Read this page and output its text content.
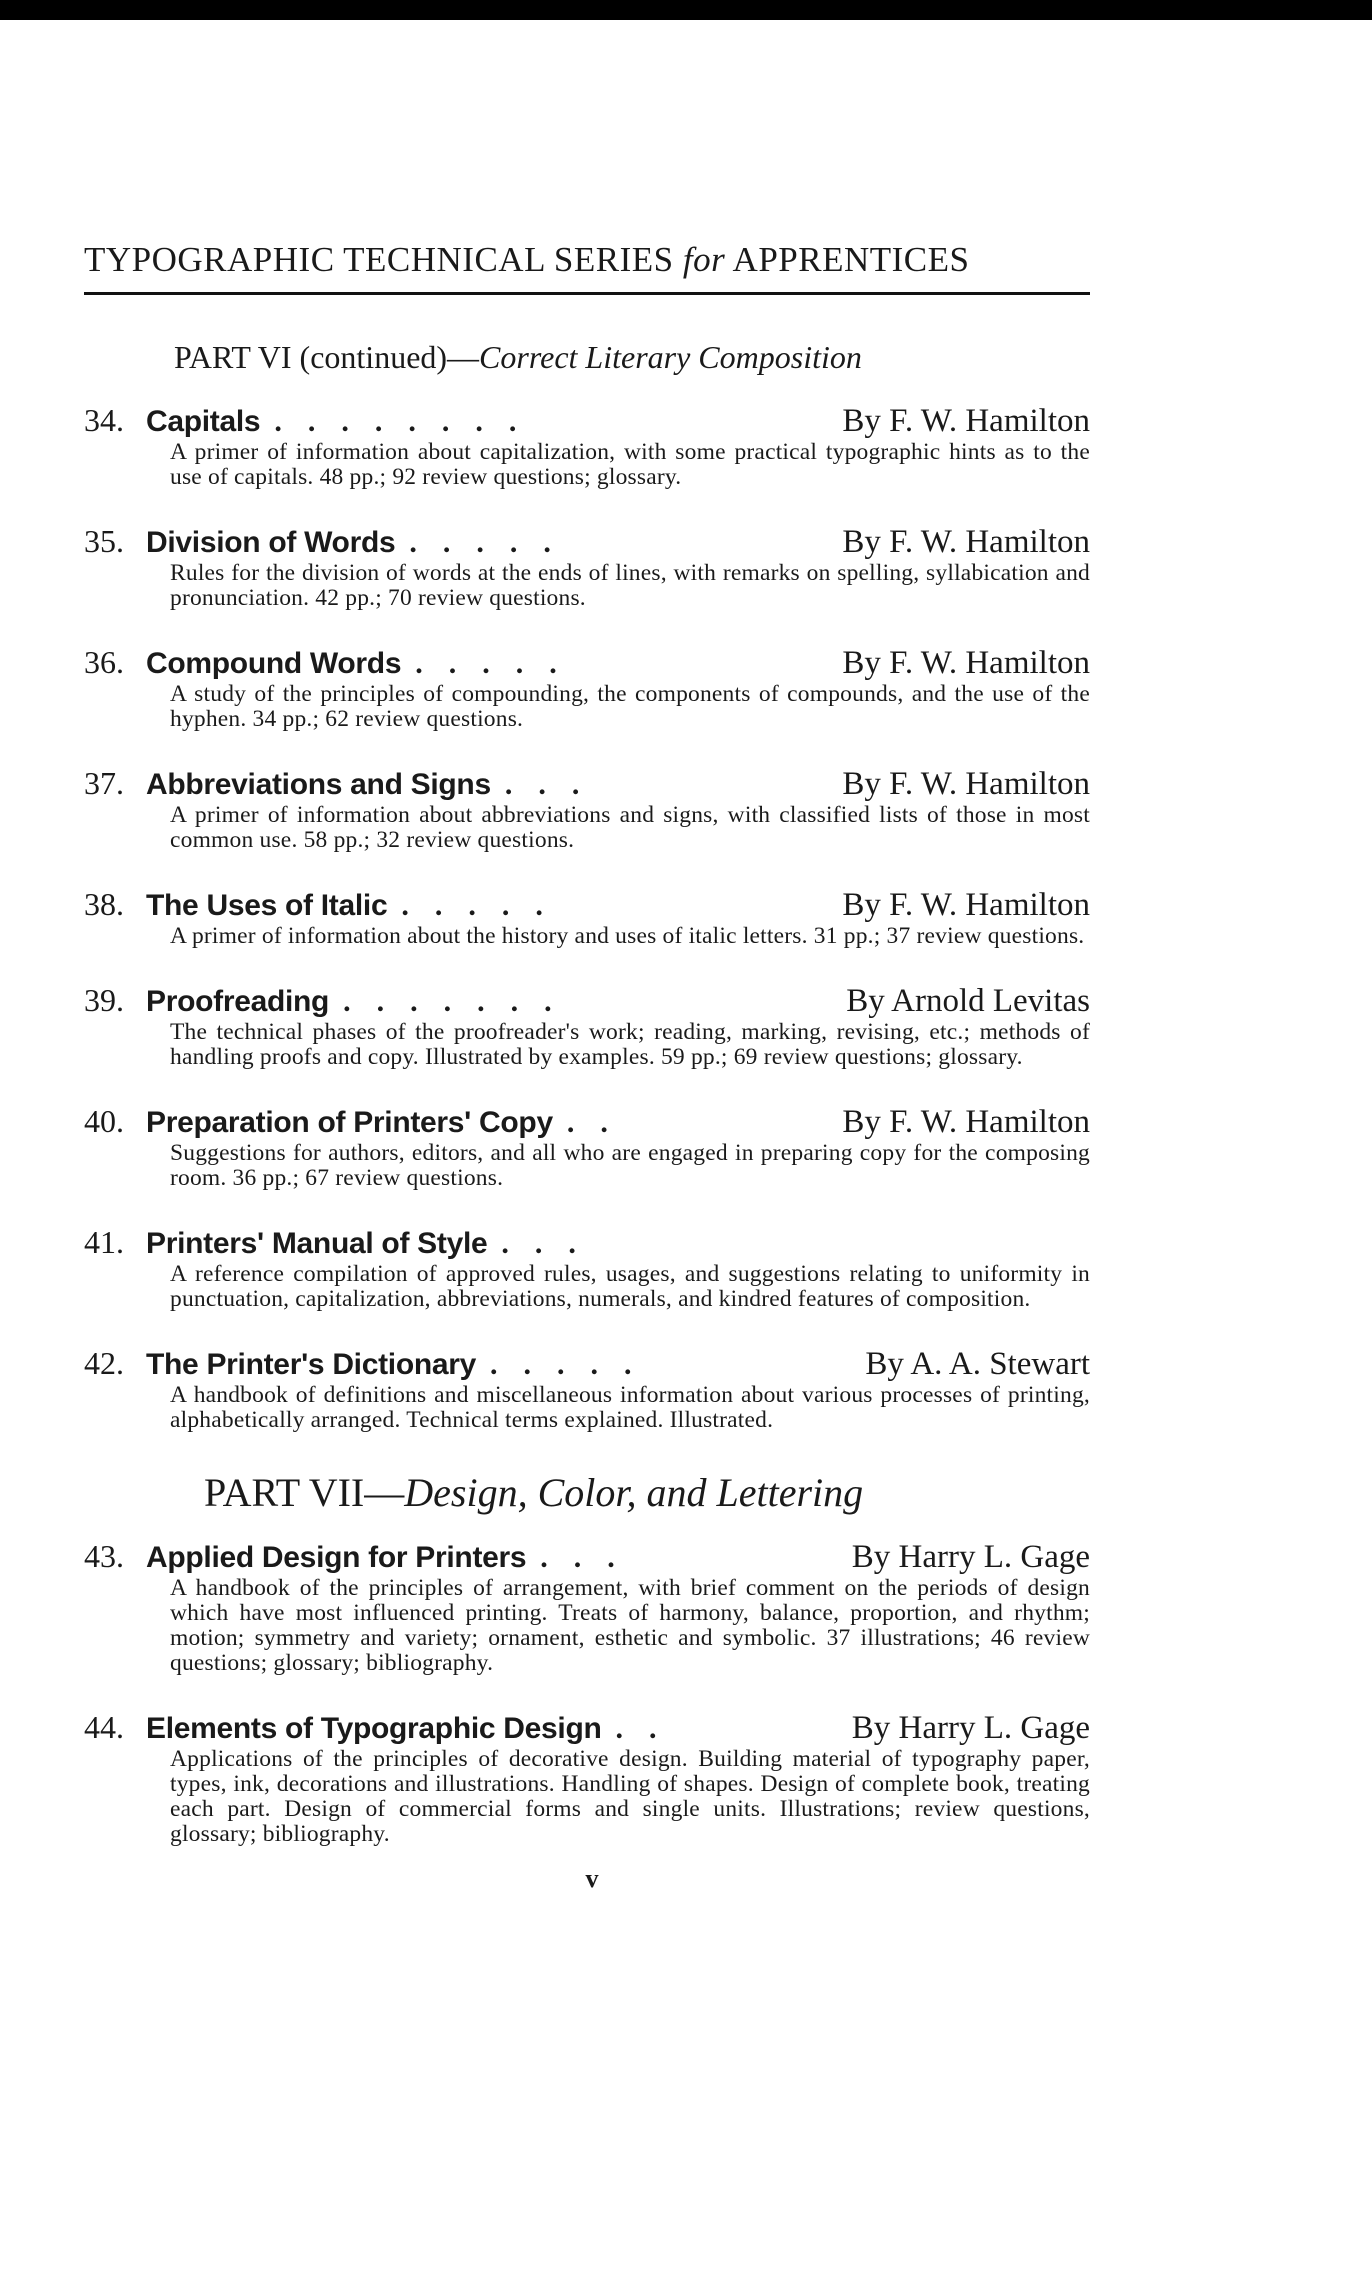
TYPOGRAPHIC TECHNICAL SERIES for APPRENTICES
PART VI (continued)—Correct Literary Composition
34. Capitals ........	By F. W. Hamilton
A primer of information about capitalization, with some practical typographic hints as to the use of capitals. 48 pp.; 92 review questions; glossary.
35. Division of Words .....	By F. W. Hamilton
Rules for the division of words at the ends of lines, with remarks on spelling, syllabication and pronunciation. 42 pp.; 70 review questions.
36. Compound Words .....	By F. W. Hamilton
A study of the principles of compounding, the components of compounds, and the use of the hyphen. 34 pp.; 62 review questions.
37. Abbreviations and Signs ...	By F. W. Hamilton
A primer of information about abbreviations and signs, with classified lists of those in most common use. 58 pp.; 32 review questions.
38. The Uses of Italic .....	By F. W. Hamilton
A primer of information about the history and uses of italic letters. 31 pp.; 37 review questions.
39. Proofreading .......	By Arnold Levitas
The technical phases of the proofreader's work; reading, marking, revising, etc.; methods of handling proofs and copy. Illustrated by examples. 59 pp.; 69 review questions; glossary.
40. Preparation of Printers' Copy ..	By F. W. Hamilton
Suggestions for authors, editors, and all who are engaged in preparing copy for the composing room. 36 pp.; 67 review questions.
41. Printers' Manual of Style ...
A reference compilation of approved rules, usages, and suggestions relating to uniformity in punctuation, capitalization, abbreviations, numerals, and kindred features of composition.
42. The Printer's Dictionary .....	By A. A. Stewart
A handbook of definitions and miscellaneous information about various processes of printing, alphabetically arranged. Technical terms explained. Illustrated.
PART VII—Design, Color, and Lettering
43. Applied Design for Printers ...	By Harry L. Gage
A handbook of the principles of arrangement, with brief comment on the periods of design which have most influenced printing. Treats of harmony, balance, proportion, and rhythm; motion; symmetry and variety; ornament, esthetic and symbolic. 37 illustrations; 46 review questions; glossary; bibliography.
44. Elements of Typographic Design ..	By Harry L. Gage
Applications of the principles of decorative design. Building material of typography paper, types, ink, decorations and illustrations. Handling of shapes. Design of complete book, treating each part. Design of commercial forms and single units. Illustrations; review questions, glossary; bibliography.
v
